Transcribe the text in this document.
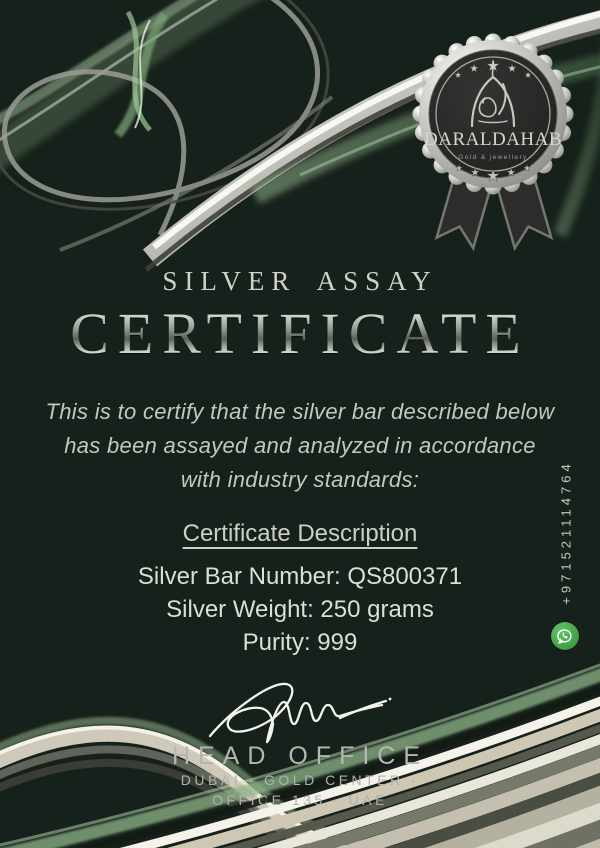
★ ★ ★ ★ ★
DARALDAHAB
Gold & jewellery
★ ★ ★ ★ ★
SILVER ASSAY
CERTIFICATE
This is to certify that the silver bar described below
has been assayed and analyzed in accordance
with industry standards:
Certificate Description
Silver Bar Number: QS800371
Silver Weight: 250 grams
Purity: 999
HEAD OFFICE
DUBAI - GOLD CENTER -
OFFICE 135 - UAE
+971521114764
